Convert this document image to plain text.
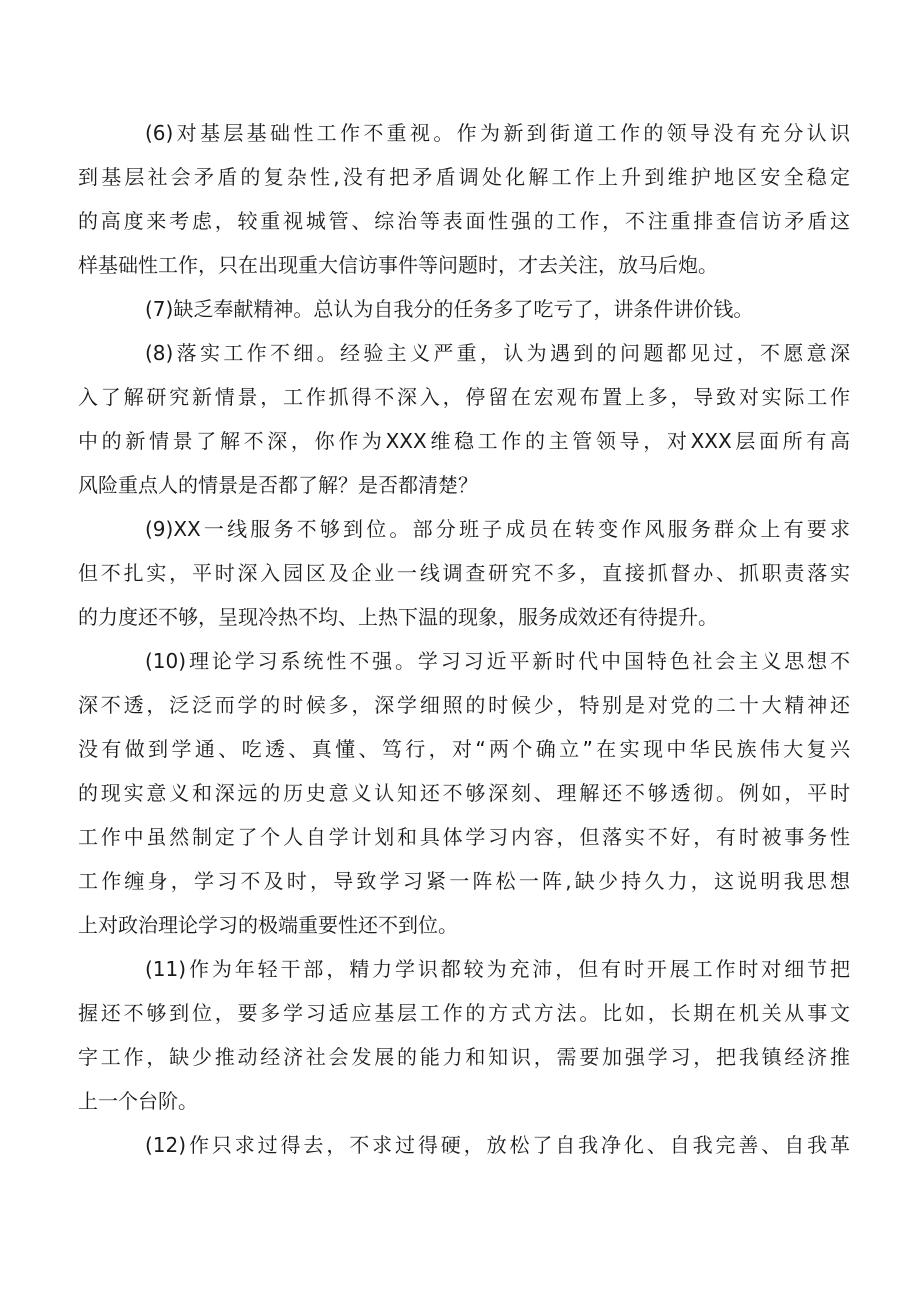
(6)对基层基础性工作不重视。作为新到街道工作的领导没有充分认识
到基层社会矛盾的复杂性,没有把矛盾调处化解工作上升到维护地区安全稳定
的高度来考虑，较重视城管、综治等表面性强的工作，不注重排查信访矛盾这
样基础性工作，只在出现重大信访事件等问题时，才去关注，放马后炮。
(7)缺乏奉献精神。总认为自我分的任务多了吃亏了，讲条件讲价钱。
(8)落实工作不细。经验主义严重，认为遇到的问题都见过，不愿意深
入了解研究新情景，工作抓得不深入，停留在宏观布置上多，导致对实际工作
中的新情景了解不深，你作为XXX维稳工作的主管领导，对XXX层面所有高
风险重点人的情景是否都了解？是否都清楚？
(9)XX一线服务不够到位。部分班子成员在转变作风服务群众上有要求
但不扎实，平时深入园区及企业一线调查研究不多，直接抓督办、抓职责落实
的力度还不够，呈现冷热不均、上热下温的现象，服务成效还有待提升。
(10)理论学习系统性不强。学习习近平新时代中国特色社会主义思想不
深不透，泛泛而学的时候多，深学细照的时候少，特别是对党的二十大精神还
没有做到学通、吃透、真懂、笃行，对“两个确立”在实现中华民族伟大复兴
的现实意义和深远的历史意义认知还不够深刻、理解还不够透彻。例如，平时
工作中虽然制定了个人自学计划和具体学习内容，但落实不好，有时被事务性
工作缠身，学习不及时，导致学习紧一阵松一阵,缺少持久力，这说明我思想
上对政治理论学习的极端重要性还不到位。
(11)作为年轻干部，精力学识都较为充沛，但有时开展工作时对细节把
握还不够到位，要多学习适应基层工作的方式方法。比如，长期在机关从事文
字工作，缺少推动经济社会发展的能力和知识，需要加强学习，把我镇经济推
上一个台阶。
(12)作只求过得去，不求过得硬，放松了自我净化、自我完善、自我革
